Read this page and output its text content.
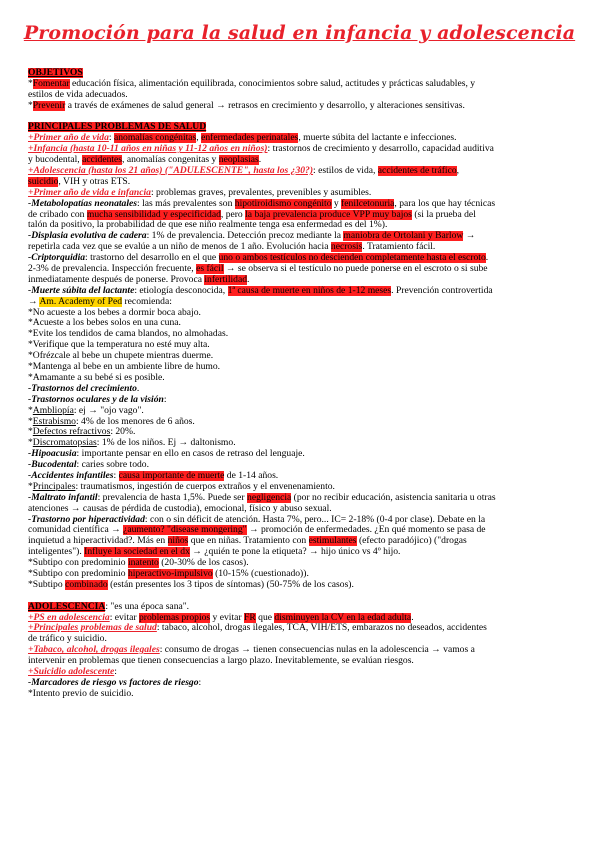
Promoción para la salud en infancia y adolescencia
OBJETIVOS
*Fomentar educación física, alimentación equilibrada, conocimientos sobre salud, actitudes y prácticas saludables, y
estilos de vida adecuados.
*Prevenir a través de exámenes de salud general → retrasos en crecimiento y desarrollo, y alteraciones sensitivas.
PRINCIPALES PROBLEMAS DE SALUD
+Primer año de vida: anomalías congénitas, enfermedades perinatales, muerte súbita del lactante e infecciones.
+Infancia (hasta 10-11 años en niñas y 11-12 años en niños): trastornos de crecimiento y desarrollo, capacidad auditiva
y bucodental, accidentes, anomalías congenitas y neoplasias.
+Adolescencia (hasta los 21 años) ("ADULESCENTE", hasta los ¿30?): estilos de vida, accidentes de tráfico,
suicidio, VIH y otras ETS.
+Primer año de vida e infancia: problemas graves, prevalentes, prevenibles y asumibles.
-Metabolopatías neonatales: las más prevalentes son hipotiroidismo congénito y fenilcetonuria, para los que hay técnicas
de cribado con mucha sensibilidad y especificidad, pero la baja prevalencia produce VPP muy bajos (si la prueba del
talón da positivo, la probabilidad de que ese niño realmente tenga esa enfermedad es del 1%).
-Displasia evolutiva de cadera: 1% de prevalencia. Detección precoz mediante la maniobra de Ortolani y Barlow →
repetirla cada vez que se evalúe a un niño de menos de 1 año. Evolución hacia necrosis. Tratamiento fácil.
-Criptorquidia: trastorno del desarrollo en el que uno o ambos testículos no descienden completamente hasta el escroto.
2-3% de prevalencia. Inspección frecuente, es fácil → se observa si el testículo no puede ponerse en el escroto o si sube
inmediatamente después de ponerse. Provoca infertilidad.
-Muerte súbita del lactante: etiología desconocida, 1ª causa de muerte en niños de 1-12 meses. Prevención controvertida
→ Am. Academy of Ped recomienda:
*No acueste a los bebes a dormir boca abajo.
*Acueste a los bebes solos en una cuna.
*Evite los tendidos de cama blandos, no almohadas.
*Verifique que la temperatura no esté muy alta.
*Ofrézcale al bebe un chupete mientras duerme.
*Mantenga al bebe en un ambiente libre de humo.
*Amamante a su bebé si es posible.
-Trastornos del crecimiento.
-Trastornos oculares y de la visión:
*Ambliopía: ej → "ojo vago".
*Estrabismo: 4% de los menores de 6 años.
*Defectos refractivos: 20%.
*Discromatopsias: 1% de los niños. Ej → daltonismo.
-Hipoacusia: importante pensar en ello en casos de retraso del lenguaje.
-Bucodental: caries sobre todo.
-Accidentes infantiles: causa importante de muerte de 1-14 años.
*Principales: traumatismos, ingestión de cuerpos extraños y el envenenamiento.
-Maltrato infantil: prevalencia de hasta 1,5%. Puede ser negligencia (por no recibir educación, asistencia sanitaria u otras
atenciones → causas de pérdida de custodia), emocional, físico y abuso sexual.
-Trastorno por hiperactividad: con o sin déficit de atención. Hasta 7%, pero... IC= 2-18% (0-4 por clase). Debate en la
comunidad científica → ¿aumento? "disease mongering" → promoción de enfermedades. ¿En qué momento se pasa de
inquietud a hiperactividad?. Más en niños que en niñas. Tratamiento con estimulantes (efecto paradójico) ("drogas
inteligentes"). Influye la sociedad en el dx → ¿quién te pone la etiqueta? → hijo único vs 4º hijo.
*Subtipo con predominio inatento (20-30% de los casos).
*Subtipo con predominio hiperactivo-impulsivo (10-15% (cuestionado)).
*Subtipo combinado (están presentes los 3 tipos de síntomas) (50-75% de los casos).
ADOLESCENCIA: "es una época sana".
+PS en adolescencia: evitar problemas propios y evitar FR que disminuyen la CV en la edad adulta.
+Principales problemas de salud: tabaco, alcohol, drogas ilegales, TCA, VIH/ETS, embarazos no deseados, accidentes
de tráfico y suicidio.
+Tabaco, alcohol, drogas ilegales: consumo de drogas → tienen consecuencias nulas en la adolescencia → vamos a
intervenir en problemas que tienen consecuencias a largo plazo. Inevitablemente, se evalúan riesgos.
+Suicidio adolescente:
-Marcadores de riesgo vs factores de riesgo:
*Intento previo de suicidio.
